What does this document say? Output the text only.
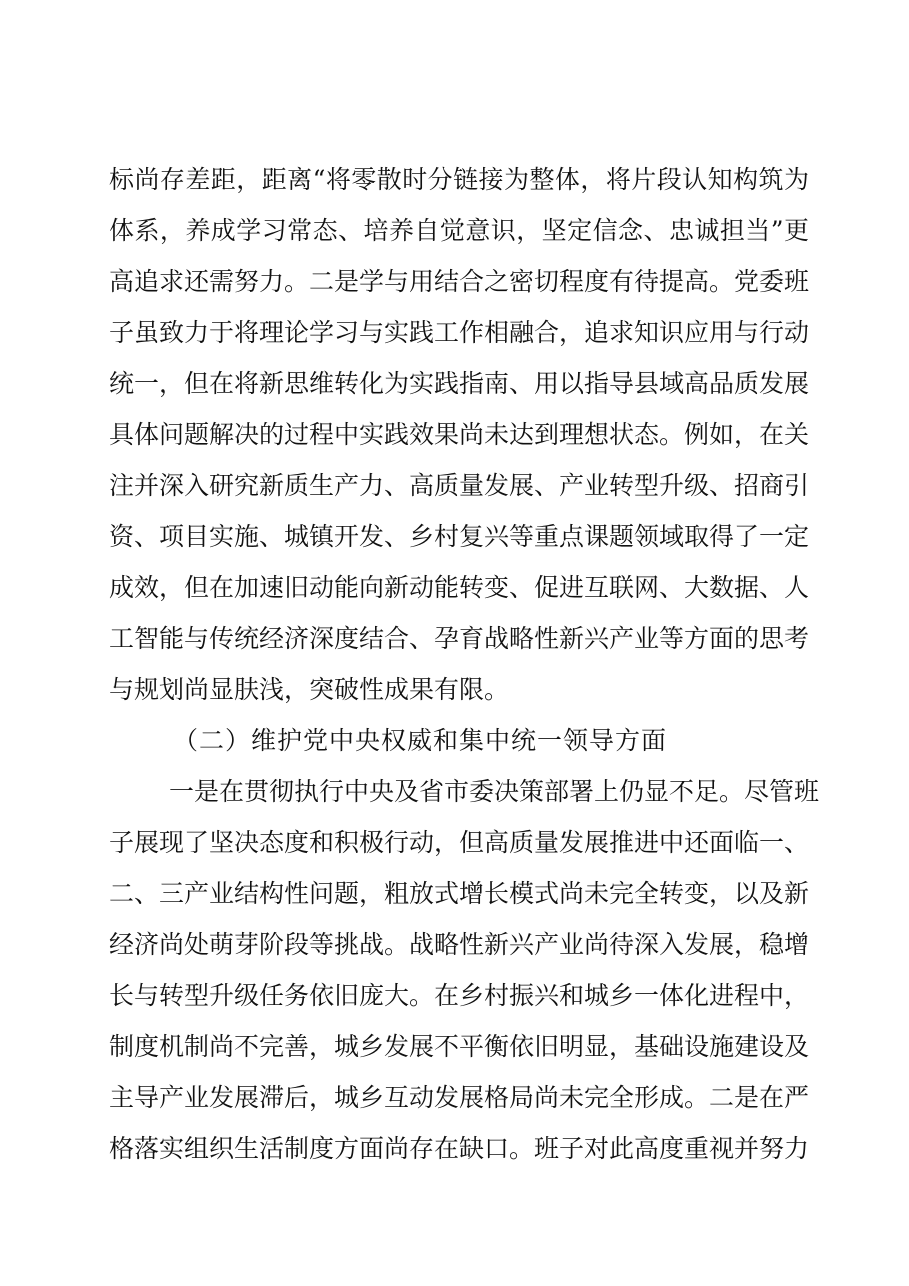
标尚存差距，距离“将零散时分链接为整体，将片段认知构筑为
体系，养成学习常态、培养自觉意识，坚定信念、忠诚担当”更
高追求还需努力。二是学与用结合之密切程度有待提高。党委班
子虽致力于将理论学习与实践工作相融合，追求知识应用与行动
统一，但在将新思维转化为实践指南、用以指导县域高品质发展
具体问题解决的过程中实践效果尚未达到理想状态。例如，在关
注并深入研究新质生产力、高质量发展、产业转型升级、招商引
资、项目实施、城镇开发、乡村复兴等重点课题领域取得了一定
成效，但在加速旧动能向新动能转变、促进互联网、大数据、人
工智能与传统经济深度结合、孕育战略性新兴产业等方面的思考
与规划尚显肤浅，突破性成果有限。
（二）维护党中央权威和集中统一领导方面
一是在贯彻执行中央及省市委决策部署上仍显不足。尽管班
子展现了坚决态度和积极行动，但高质量发展推进中还面临一、
二、三产业结构性问题，粗放式增长模式尚未完全转变，以及新
经济尚处萌芽阶段等挑战。战略性新兴产业尚待深入发展，稳增
长与转型升级任务依旧庞大。在乡村振兴和城乡一体化进程中，
制度机制尚不完善，城乡发展不平衡依旧明显，基础设施建设及
主导产业发展滞后，城乡互动发展格局尚未完全形成。二是在严
格落实组织生活制度方面尚存在缺口。班子对此高度重视并努力
